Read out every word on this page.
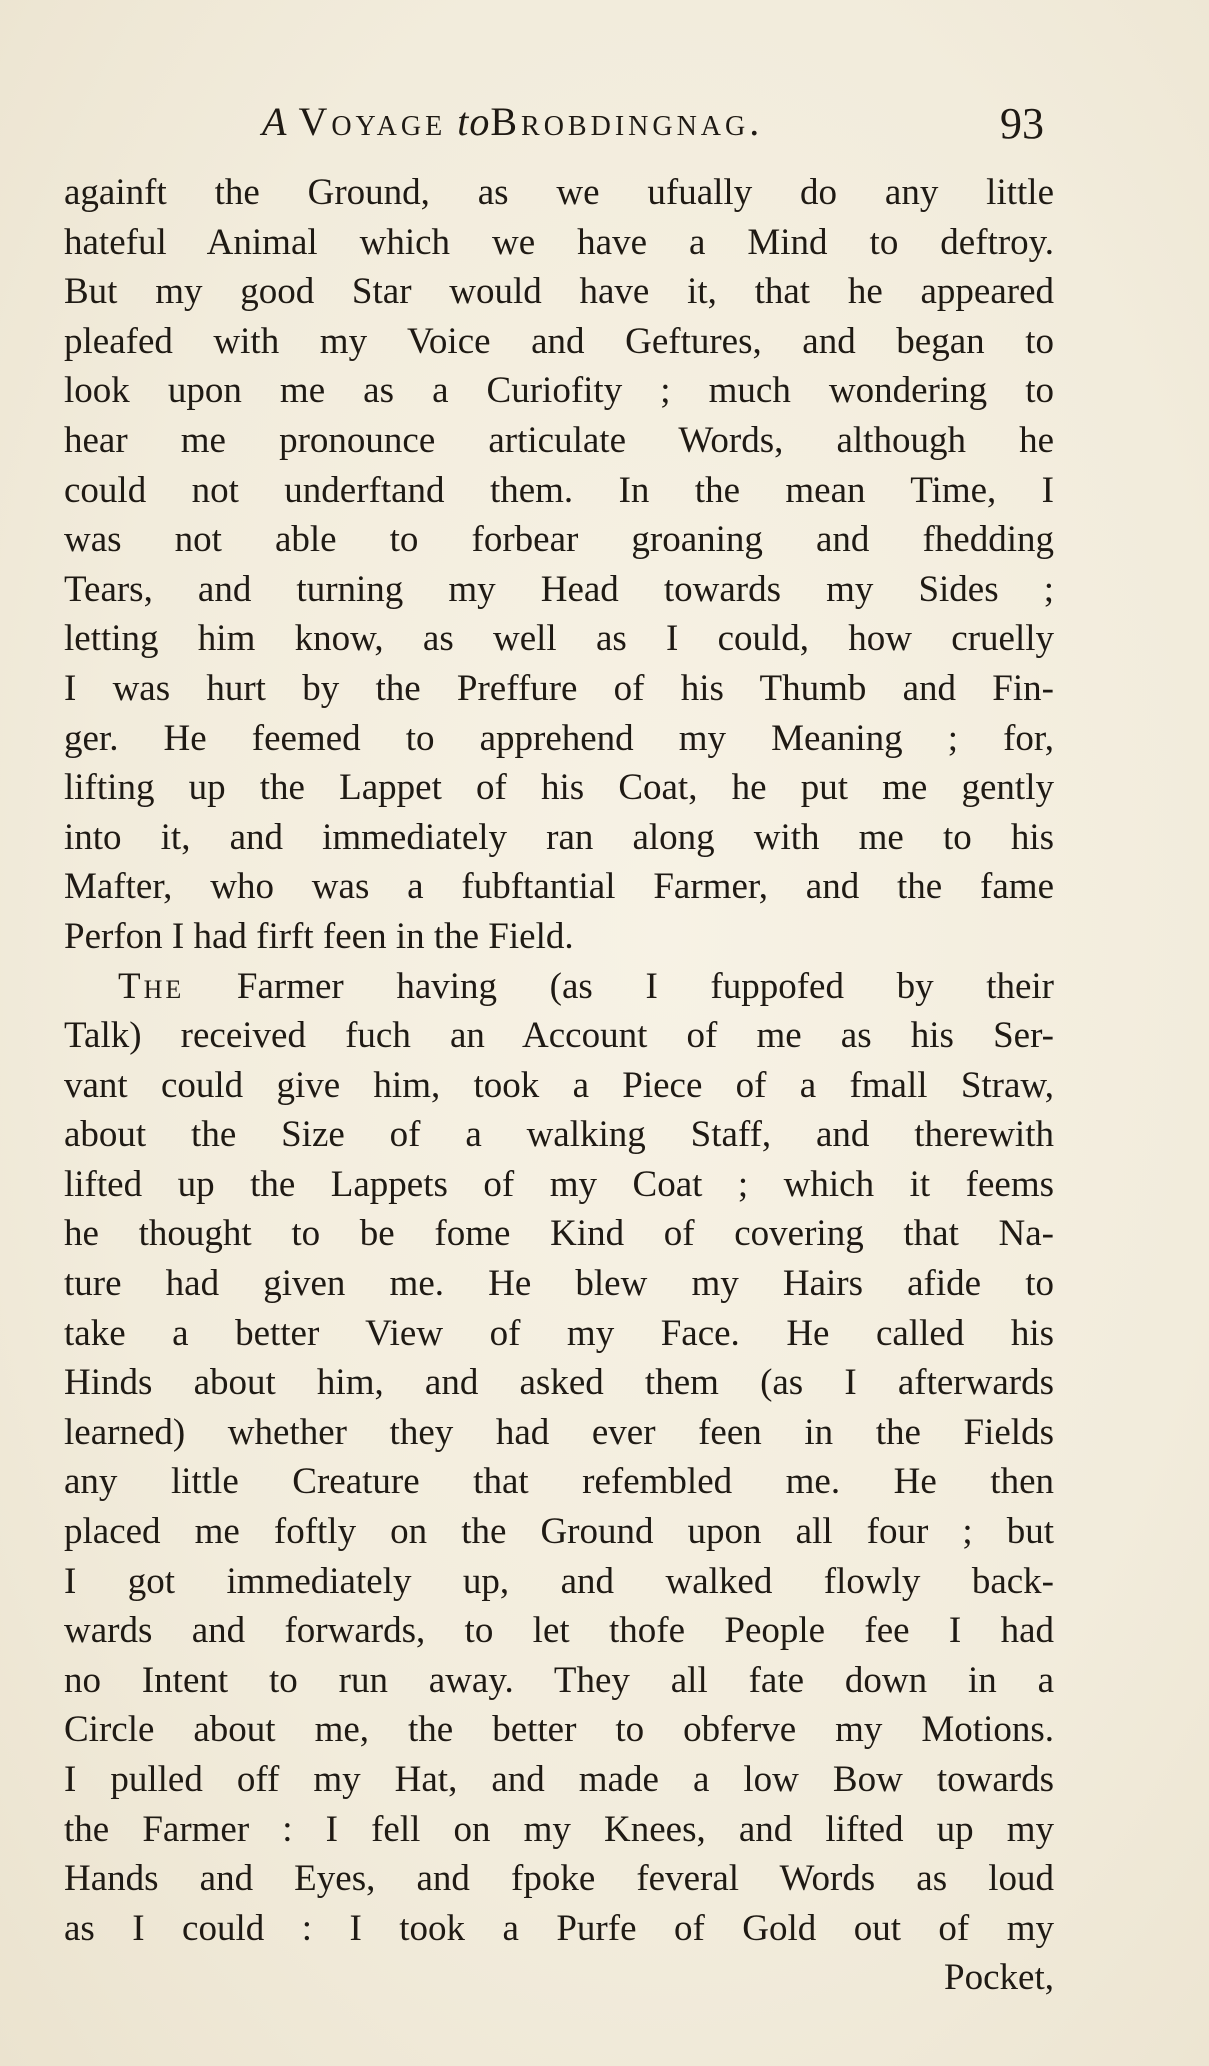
A Voyage toBrobdingnag.	93
againft the Ground, as we ufually do any little
hateful Animal which we have a Mind to deftroy.
But my good Star would have it, that he appeared
pleafed with my Voice and Geftures, and began to
look upon me as a Curiofity ; much wondering to
hear me pronounce articulate Words, although he
could not underftand them. In the mean Time, I
was not able to forbear groaning and fhedding
Tears, and turning my Head towards my Sides ;
letting him know, as well as I could, how cruelly
I was hurt by the Preffure of his Thumb and Fin-
ger. He feemed to apprehend my Meaning ; for,
lifting up the Lappet of his Coat, he put me gently
into it, and immediately ran along with me to his
Mafter, who was a fubftantial Farmer, and the fame
Perfon I had firft feen in the Field.
The Farmer having (as I fuppofed by their
Talk) received fuch an Account of me as his Ser-
vant could give him, took a Piece of a fmall Straw,
about the Size of a walking Staff, and therewith
lifted up the Lappets of my Coat ; which it feems
he thought to be fome Kind of covering that Na-
ture had given me. He blew my Hairs afide to
take a better View of my Face. He called his
Hinds about him, and asked them (as I afterwards
learned) whether they had ever feen in the Fields
any little Creature that refembled me. He then
placed me foftly on the Ground upon all four ; but
I got immediately up, and walked flowly back-
wards and forwards, to let thofe People fee I had
no Intent to run away. They all fate down in a
Circle about me, the better to obferve my Motions.
I pulled off my Hat, and made a low Bow towards
the Farmer : I fell on my Knees, and lifted up my
Hands and Eyes, and fpoke feveral Words as loud
as I could : I took a Purfe of Gold out of my
Pocket,
